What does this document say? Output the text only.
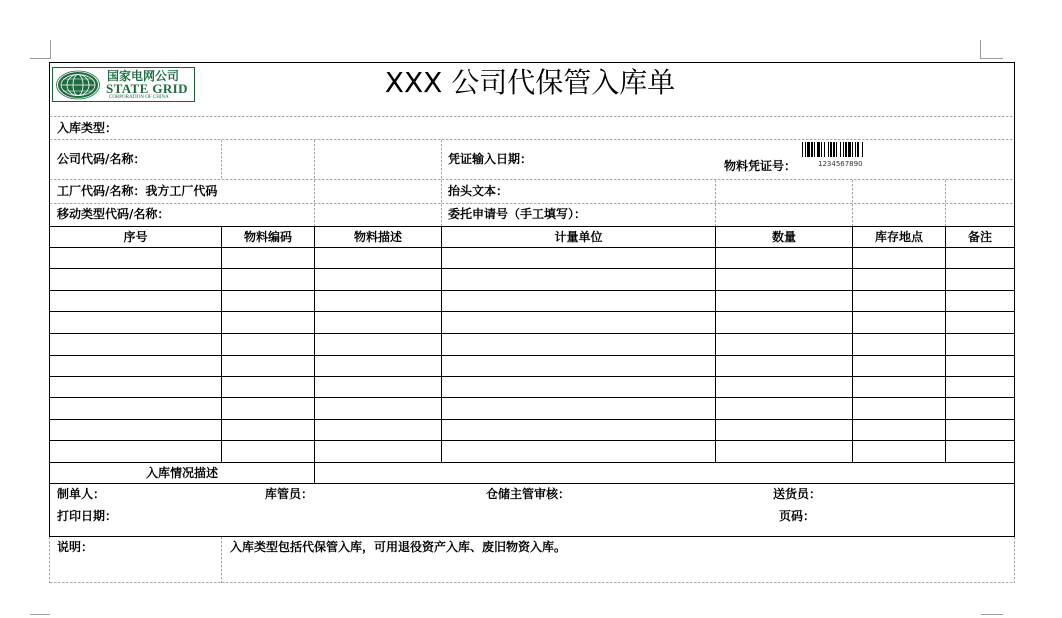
国家电网公司
STATE GRID
CORPORATION OF CHINA	XXX 公司代保管入库单
入库类型：
公司代码/名称：	凭证输入日期：	物料凭证号：	1234567890
工厂代码/名称：我方工厂代码	抬头文本：
移动类型代码/名称：	委托申请号（手工填写）：
序号	物料编码	物料描述	计量单位	数量	库存地点	备注
入库情况描述
制单人：	库管员：	仓储主管审核：	送货员：
打印日期：	页码：
说明：	入库类型包括代保管入库，可用退役资产入库、废旧物资入库。
